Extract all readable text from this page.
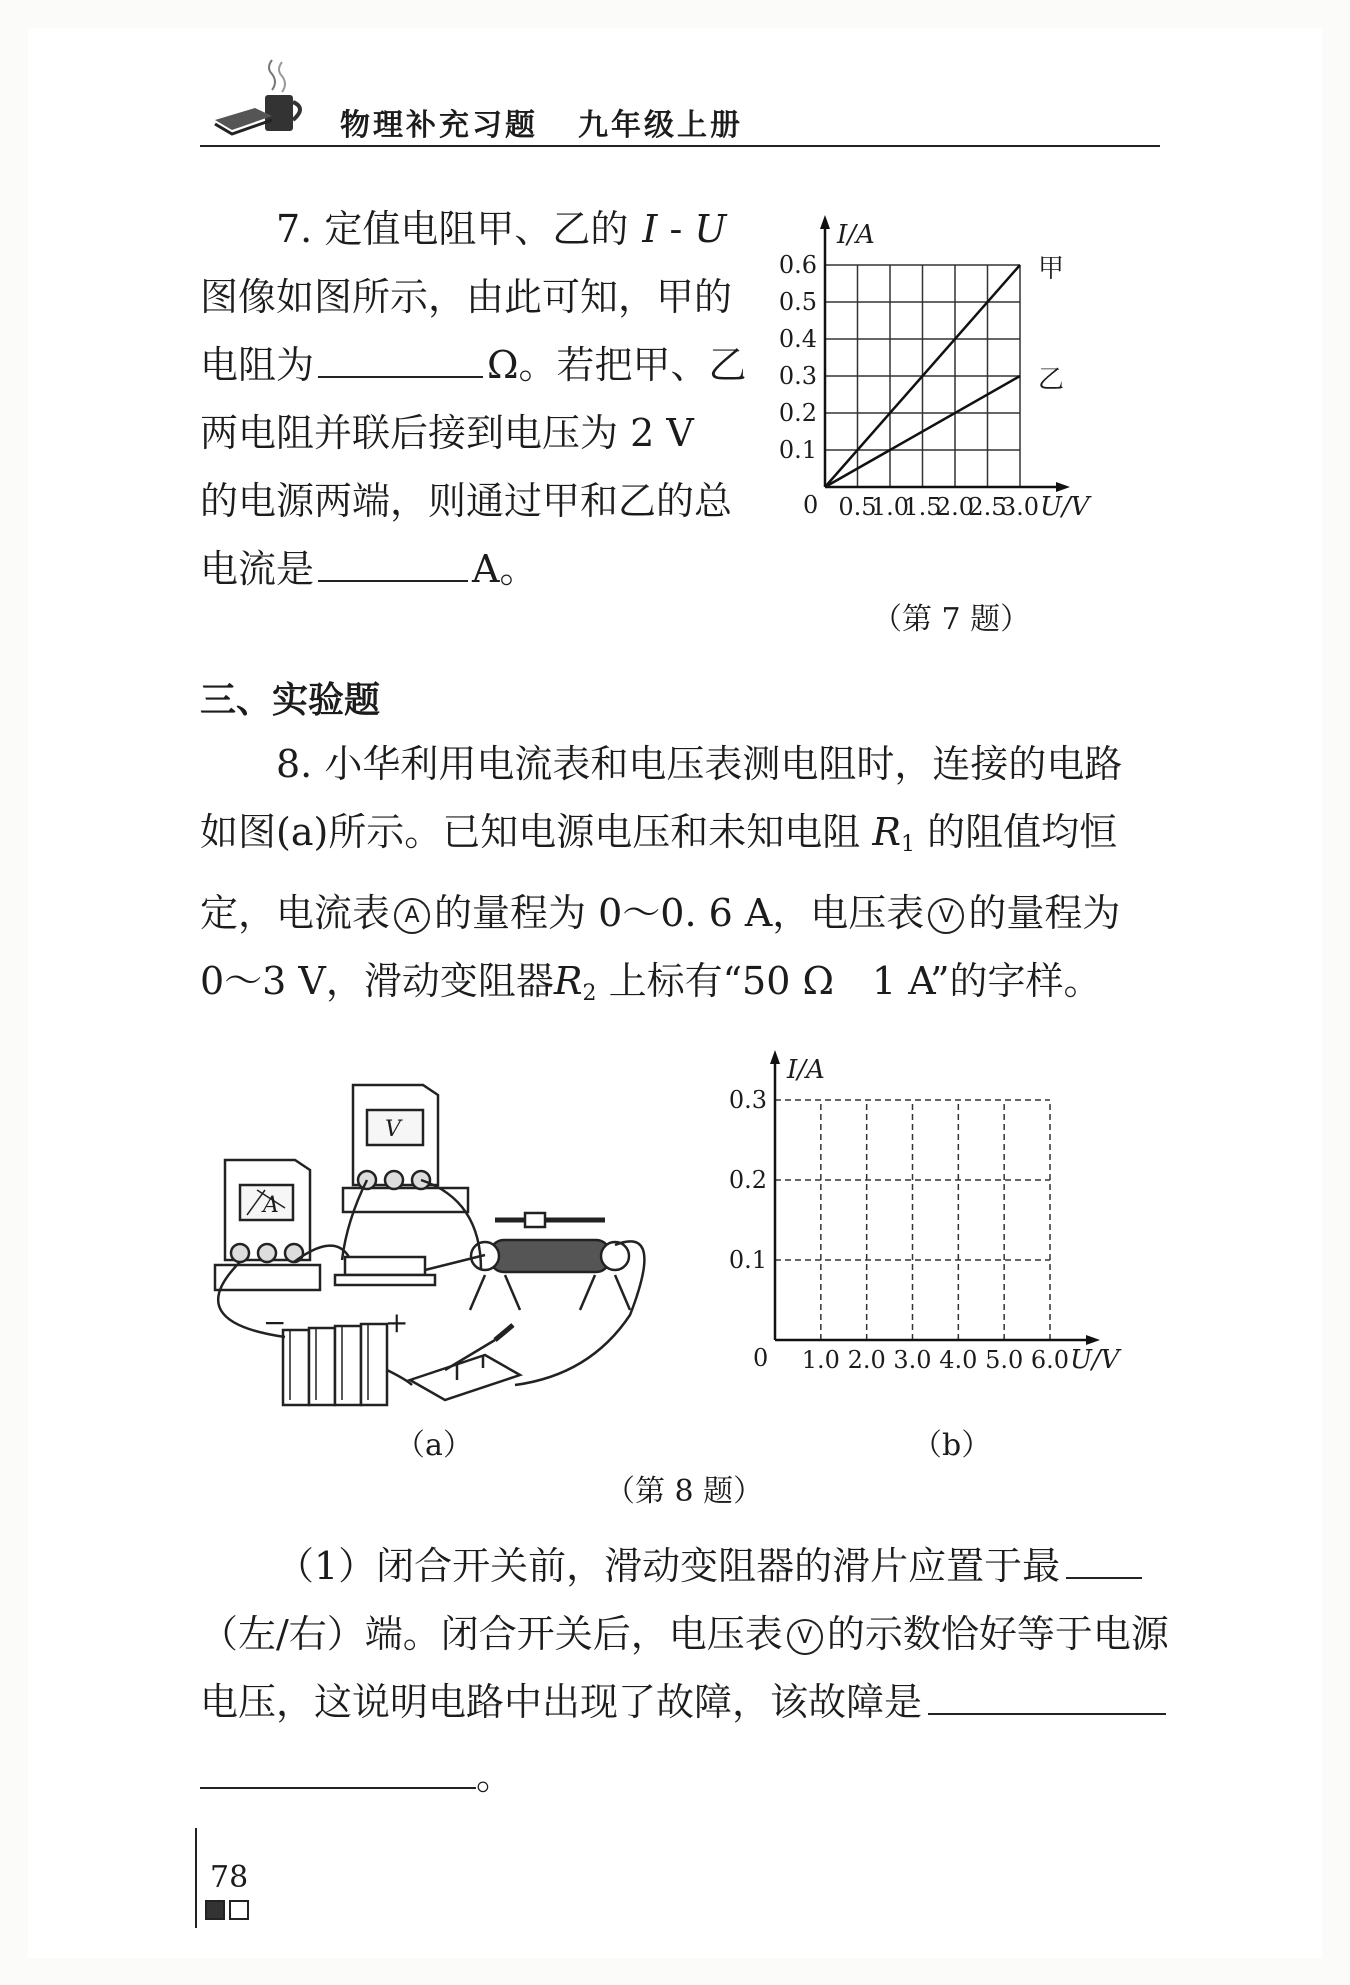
物理补充习题 九年级上册
7. 定值电阻甲、乙的 I - U
图像如图所示，由此可知，甲的
电阻为	Ω。若把甲、乙
两电阻并联后接到电压为 2 V
的电源两端，则通过甲和乙的总
电流是	A。
0 0.5
1.0
1.5
2.0
2.5
3.0
0.1
0.2
0.3
0.4
0.5
0.6
U/V
I/A
甲
乙
（第 7 题）
三、实验题
8. 小华利用电流表和电压表测电阻时，连接的电路
如图(a)所示。已知电源电压和未知电阻 $R_1$ 的阻值均恒
定，电流表 A 的量程为 0～0. 6 A，电压表 V 的量程为
0～3 V，滑动变阻器$R_2$ 上标有“50 Ω　1 A”的字样。
A
V
−	+
（a）
0 1.0 2.0 3.0 4.0 5.0 6.0
0.1
0.2
0.3
U/V
I/A
（b）
（第 8 题）
（1）闭合开关前，滑动变阻器的滑片应置于最
（左/右）端。闭合开关后，电压表 V 的示数恰好等于电源
电压，这说明电路中出现了故障，该故障是
。
78
